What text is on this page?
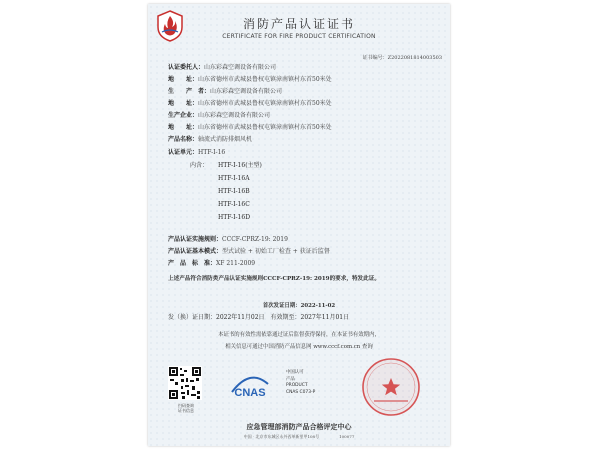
消防产品认证证书
CERTIFICATE FOR FIRE PRODUCT CERTIFICATION
证书编号：Z2022081814003503
认证委托人：山东彩森空调设备有限公司
地　　址：山东省德州市武城县鲁权屯镇漳南镇村东首50米处
生　　产　者：山东彩森空调设备有限公司
地　　址：山东省德州市武城县鲁权屯镇漳南镇村东首50米处
生产企业：山东彩森空调设备有限公司
地　　址：山东省德州市武城县鲁权屯镇漳南镇村东首50米处
产品名称：轴流式消防排烟风机
认证单元：HTF-I-16
内含： HTF-I-16(主型)
HTF-I-16A
HTF-I-16B
HTF-I-16C
HTF-I-16D
产品认证实施规则：CCCF-CPRZ-19: 2019
产品认证基本模式：型式试验 + 初始工厂检查 + 获证后监督
产　品　标　准：XF 211-2009
上述产品符合消防类产品认证实施规则CCCF-CPRZ-19: 2019的要求，特发此证。
首次发证日期：2022-11-02
发（换）证日期：2022年11月02日　有效期至：2027年11月01日
本证书的有效性需依靠通过证后监督获得保持，在本证书有效期内，
相关信息可通过中国消防产品信息网 www.cccf.com.cn 查询
扫码查询
证书信息
CNAS
中国认可
产品
PRODUCT
CNAS C073-P
应急管理部消防产品合格评定中心
中国 · 北京市东城区永外西革新里甲108号　　　　　100077
